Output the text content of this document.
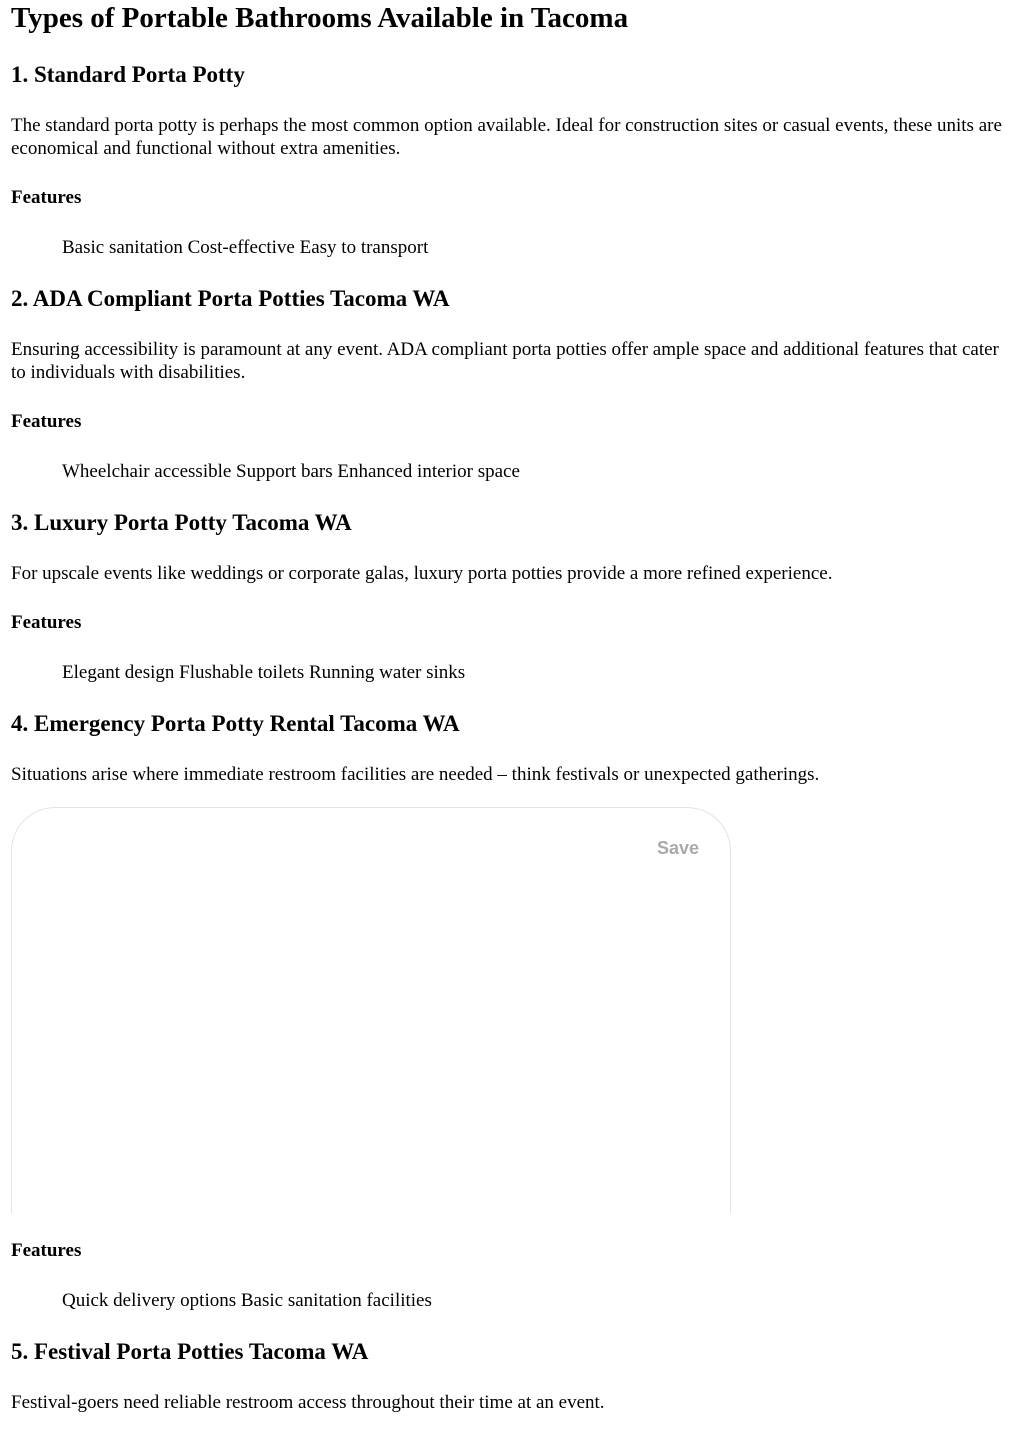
Types of Portable Bathrooms Available in Tacoma
1. Standard Porta Potty

The standard porta potty is perhaps the most common option available. Ideal for construction sites or casual events, these units are economical and functional without extra amenities.

Features
Basic sanitation Cost-effective Easy to transport
2. ADA Compliant Porta Potties Tacoma WA

Ensuring accessibility is paramount at any event. ADA compliant porta potties offer ample space and additional features that cater to individuals with disabilities.

Features
Wheelchair accessible Support bars Enhanced interior space
3. Luxury Porta Potty Tacoma WA

For upscale events like weddings or corporate galas, luxury porta potties provide a more refined experience.

Features
Elegant design Flushable toilets Running water sinks
4. Emergency Porta Potty Rental Tacoma WA

Situations arise where immediate restroom facilities are needed – think festivals or unexpected gatherings.

Save
Features
Quick delivery options Basic sanitation facilities
5. Festival Porta Potties Tacoma WA

Festival-goers need reliable restroom access throughout their time at an event.
